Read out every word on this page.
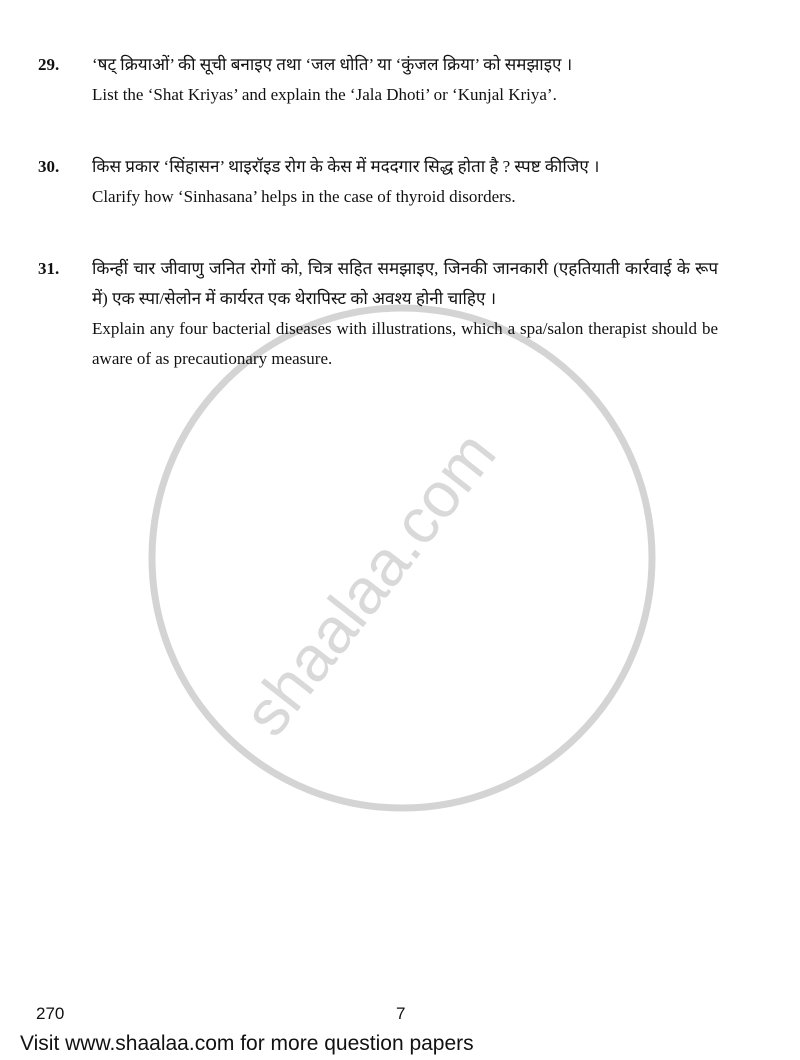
shaalaa.com
29. ‘षट् क्रियाओं’ की सूची बनाइए तथा ‘जल धोति’ या ‘कुंजल क्रिया’ को समझाइए ।

List the ‘Shat Kriyas’ and explain the ‘Jala Dhoti’ or ‘Kunjal Kriya’.

30. किस प्रकार ‘सिंहासन’ थाइरॉइड रोग के केस में मददगार सिद्ध होता है ? स्पष्ट कीजिए ।

Clarify how ‘Sinhasana’ helps in the case of thyroid disorders.

31. किन्हीं चार जीवाणु जनित रोगों को, चित्र सहित समझाइए, जिनकी जानकारी (एहतियाती कार्रवाई के रूप में) एक स्पा/सेलोन में कार्यरत एक थेरापिस्ट को अवश्य होनी चाहिए ।

Explain any four bacterial diseases with illustrations, which a spa/salon therapist should be aware of as precautionary measure.

270	7
Visit www.shaalaa.com for more question papers
